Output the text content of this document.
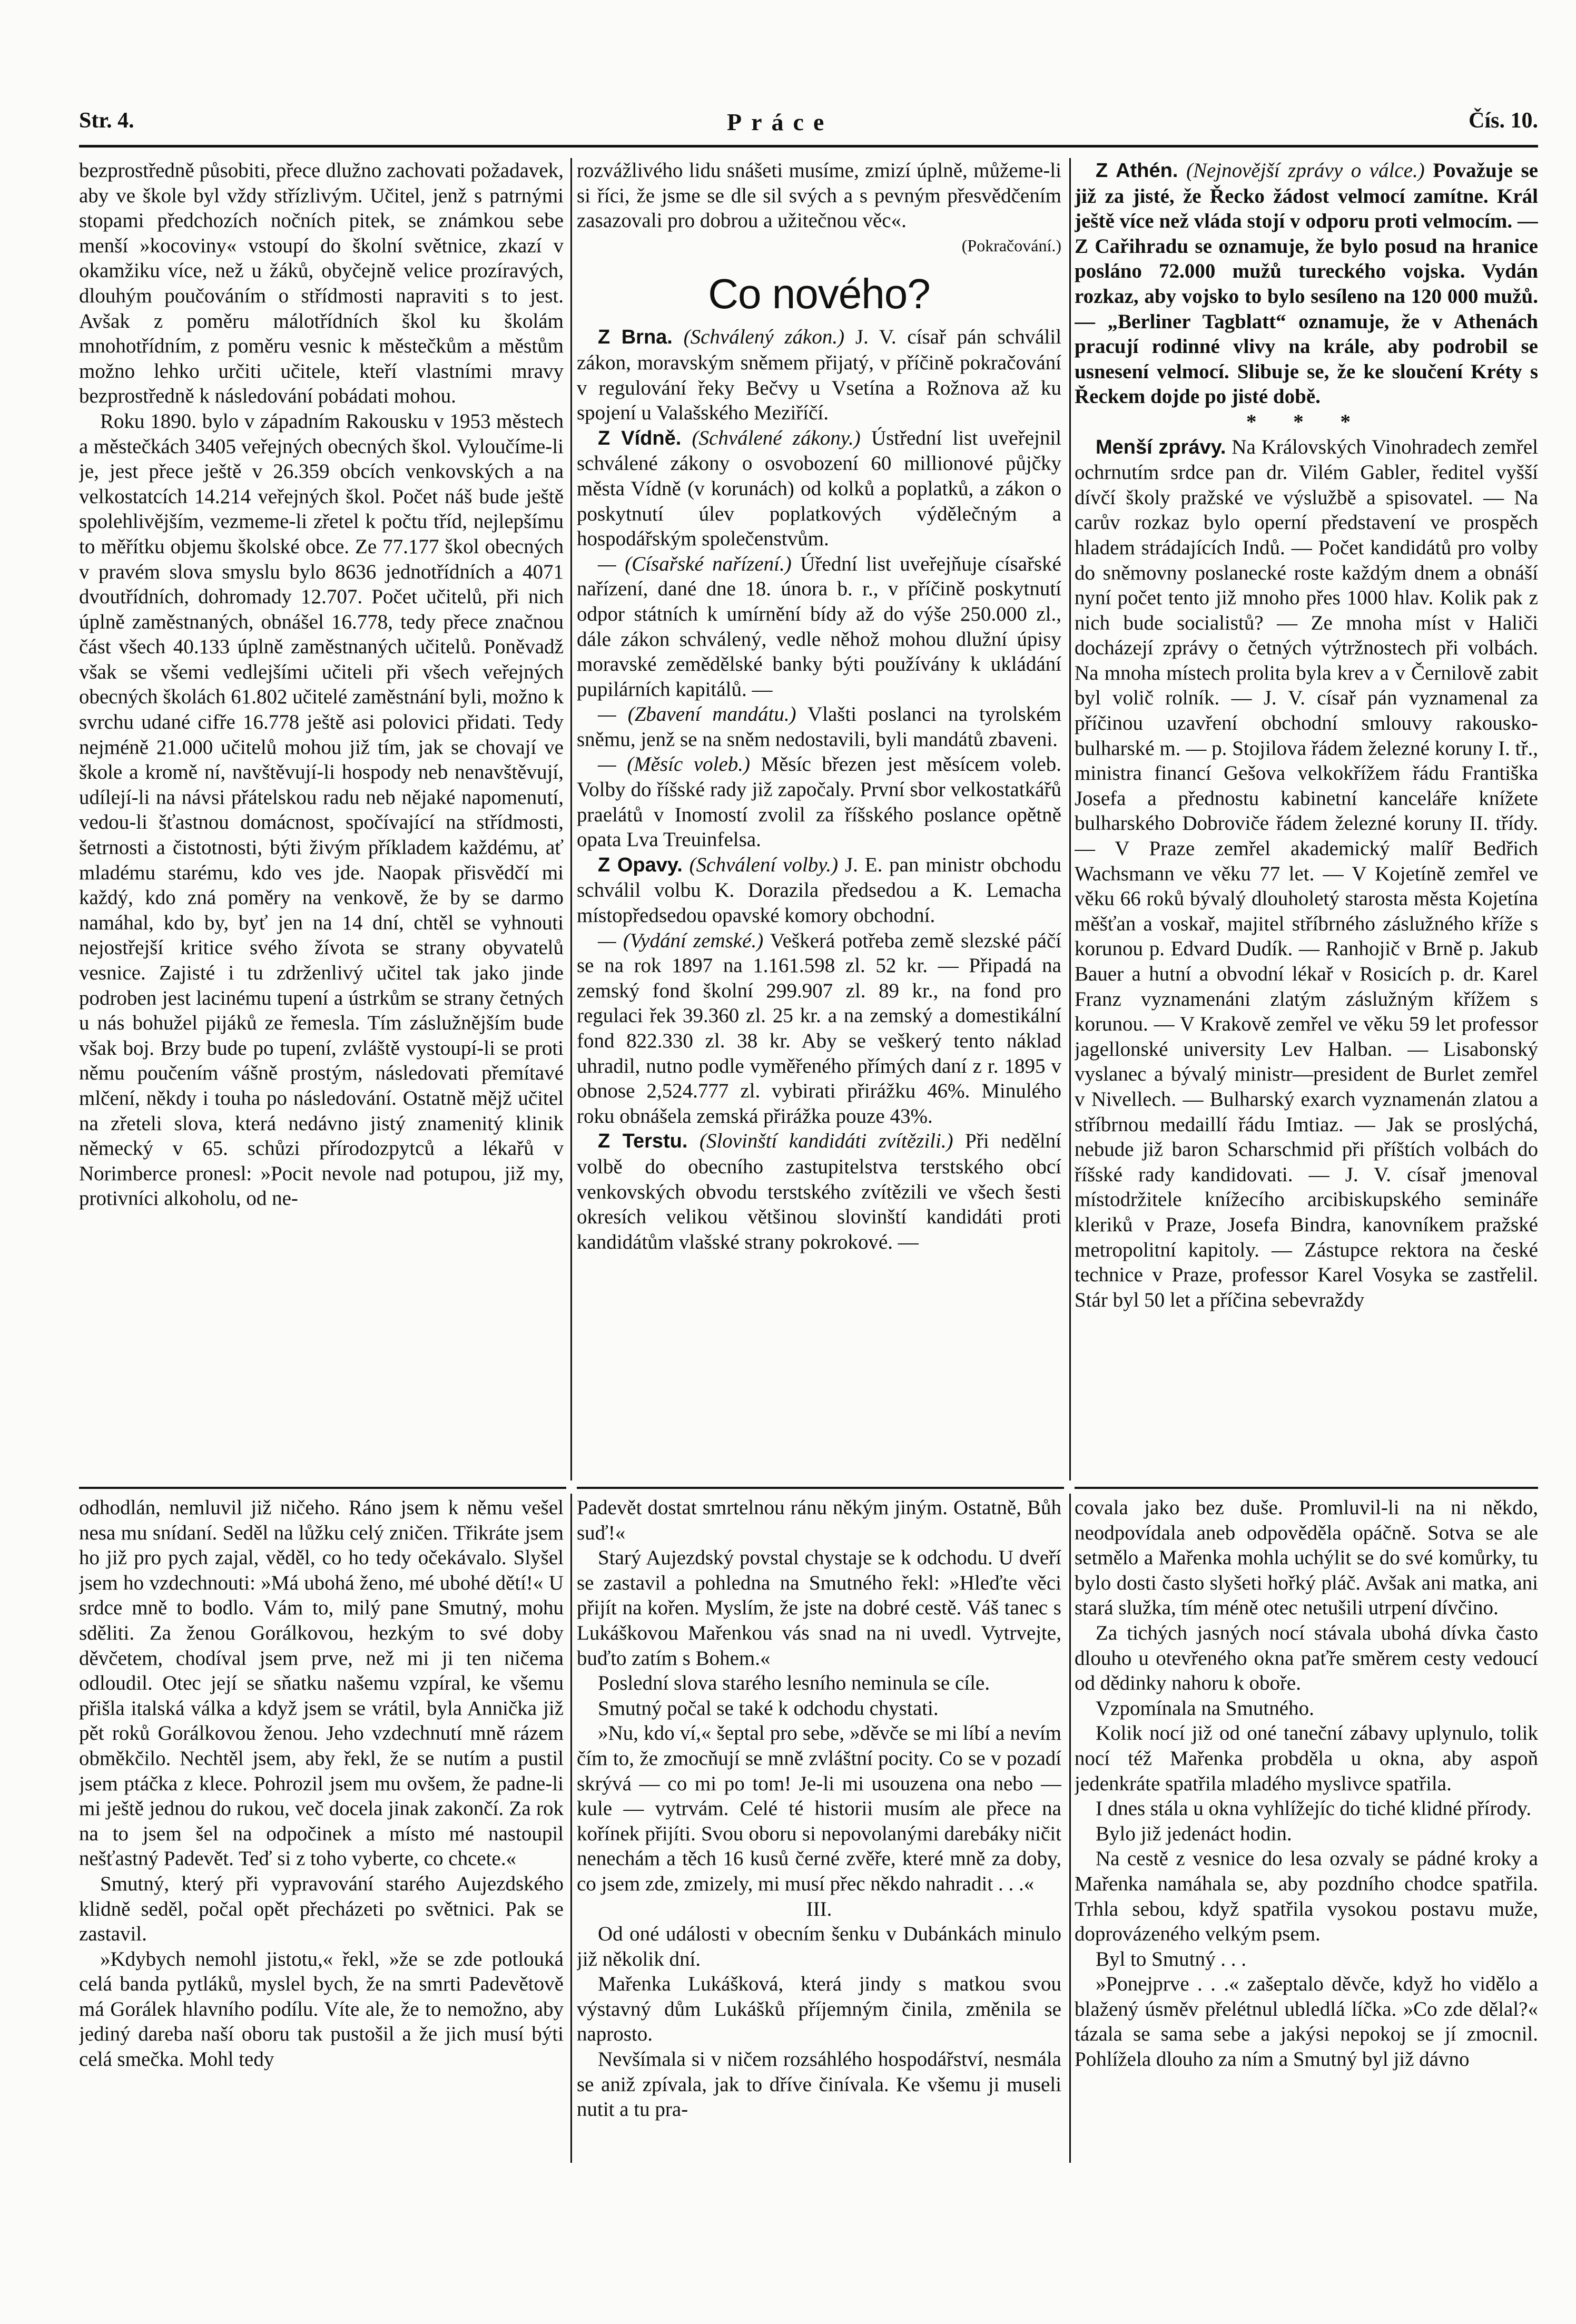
Str. 4.	Práce	Čís. 10.

bezprostředně působiti, přece dlužno zachovati požadavek, aby ve škole byl vždy střízlivým. Učitel, jenž s patrnými stopami předchozích nočních pitek, se známkou sebe menší »kocoviny« vstoupí do školní světnice, zkazí v okamžiku více, než u žáků, obyčejně velice prozíravých, dlouhým poučováním o střídmosti napraviti s to jest. Avšak z poměru málotřídních škol ku školám mnohotřídním, z poměru vesnic k městečkům a městům možno lehko určiti učitele, kteří vlastními mravy bezprostředně k následování pobádati mohou.

Roku 1890. bylo v západním Rakousku v 1953 městech a městečkách 3405 veřejných obecných škol. Vyloučíme-li je, jest přece ještě v 26.359 obcích venkovských a na velkostatcích 14.214 veřejných škol. Počet náš bude ještě spolehlivějším, vezmeme-li zřetel k počtu tříd, nejlepšímu to měřítku objemu školské obce. Ze 77.177 škol obecných v pravém slova smyslu bylo 8636 jednotřídních a 4071 dvoutřídních, dohromady 12.707. Počet učitelů, při nich úplně zaměstnaných, obnášel 16.778, tedy přece značnou část všech 40.133 úplně zaměstnaných učitelů. Poněvadž však se všemi vedlejšími učiteli při všech veřejných obecných školách 61.802 učitelé zaměstnání byli, možno k svrchu udané cifře 16.778 ještě asi polovici přidati. Tedy nejméně 21.000 učitelů mohou již tím, jak se chovají ve škole a kromě ní, navštěvují-li hospody neb nenavštěvují, udílejí-li na návsi přátelskou radu neb nějaké napomenutí, vedou-li šťastnou domácnost, spočívající na střídmosti, šetrnosti a čistotnosti, býti živým příkladem každému, ať mladému starému, kdo ves jde. Naopak přisvědčí mi každý, kdo zná poměry na venkově, že by se darmo namáhal, kdo by, byť jen na 14 dní, chtěl se vyhnouti nejostřejší kritice svého žívota se strany obyvatelů vesnice. Zajisté i tu zdrženlivý učitel tak jako jinde podroben jest lacinému tupení a ústrkům se strany četných u nás bohužel pijáků ze řemesla. Tím záslužnějším bude však boj. Brzy bude po tupení, zvláště vystoupí-li se proti němu poučením vášně prostým, následovati přemítavé mlčení, někdy i touha po následování. Ostatně mějž učitel na zřeteli slova, která nedávno jistý znamenitý klinik německý v 65. schůzi přírodozpytců a lékařů v Norimberce pronesl: »Pocit nevole nad potupou, již my, protivníci alkoholu, od ne-

rozvážlivého lidu snášeti musíme, zmizí úplně, můžeme-li si říci, že jsme se dle sil svých a s pevným přesvědčením zasazovali pro dobrou a užitečnou věc«.

(Pokračování.)

Co nového?

Z Brna. (Schválený zákon.) J. V. císař pán schválil zákon, moravským sněmem přijatý, v příčině pokračování v regulování řeky Bečvy u Vsetína a Rožnova až ku spojení u Valašského Meziříčí.

Z Vídně. (Schválené zákony.) Ústřední list uveřejnil schválené zákony o osvobození 60 millionové půjčky města Vídně (v korunách) od kolků a poplatků, a zákon o poskytnutí úlev poplatkových výdělečným a hospodářským společenstvům.

— (Císařské nařízení.) Úřední list uveřejňuje císařské nařízení, dané dne 18. února b. r., v příčině poskytnutí odpor státních k umírnění bídy až do výše 250.000 zl., dále zákon schválený, vedle něhož mohou dlužní úpisy moravské zemědělské banky býti používány k ukládání pupilárních kapitálů. —

— (Zbavení mandátu.) Vlašti poslanci na tyrolském sněmu, jenž se na sněm nedostavili, byli mandátů zbaveni.

— (Měsíc voleb.) Měsíc březen jest měsícem voleb. Volby do říšské rady již započaly. První sbor velkostatkářů praelátů v Inomostí zvolil za říšského poslance opětně opata Lva Treuinfelsa.

Z Opavy. (Schválení volby.) J. E. pan ministr obchodu schválil volbu K. Dorazila předsedou a K. Lemacha místopředsedou opavské komory obchodní.

— (Vydání zemské.) Veškerá potřeba země slezské páčí se na rok 1897 na 1.161.598 zl. 52 kr. — Připadá na zemský fond školní 299.907 zl. 89 kr., na fond pro regulaci řek 39.360 zl. 25 kr. a na zemský a domestikální fond 822.330 zl. 38 kr. Aby se veškerý tento náklad uhradil, nutno podle vyměřeného přímých daní z r. 1895 v obnose 2,524.777 zl. vybirati přirážku 46%. Minulého roku obnášela zemská přirážka pouze 43%.

Z Terstu. (Slovinští kandidáti zvítězili.) Při nedělní volbě do obecního zastupitelstva terstského obcí venkovských obvodu terstského zvítězili ve všech šesti okresích velikou většinou slovinští kandidáti proti kandidátům vlašské strany pokrokové. —

Z Athén. (Nejnovější zprávy o válce.) Považuje se již za jisté, že Řecko žádost velmocí zamítne. Král ještě více než vláda stojí v odporu proti velmocím. — Z Cařihradu se oznamuje, že bylo posud na hranice posláno 72.000 mužů tureckého vojska. Vydán rozkaz, aby vojsko to bylo sesíleno na 120 000 mužů. — „Berliner Tagblatt“ oznamuje, že v Athenách pracují rodinné vlivy na krále, aby podrobil se usnesení velmocí. Slibuje se, že ke sloučení Kréty s Řeckem dojde po jisté době.

* * *

Menší zprávy. Na Královských Vinohradech zemřel ochrnutím srdce pan dr. Vilém Gabler, ředitel vyšší dívčí školy pražské ve výslužbě a spisovatel. — Na carův rozkaz bylo operní představení ve prospěch hladem strádajících Indů. — Počet kandidátů pro volby do sněmovny poslanecké roste každým dnem a obnáší nyní počet tento již mnoho přes 1000 hlav. Kolik pak z nich bude socialistů? — Ze mnoha míst v Haliči docházejí zprávy o četných výtržnostech při volbách. Na mnoha místech prolita byla krev a v Černilově zabit byl volič rolník. — J. V. císař pán vyznamenal za příčinou uzavření obchodní smlouvy rakousko-bulharské m. — p. Stojilova řádem železné koruny I. tř., ministra financí Gešova velkokřížem řádu Františka Josefa a přednostu kabinetní kanceláře knížete bulharského Dobroviče řádem železné koruny II. třídy. — V Praze zemřel akademický malíř Bedřich Wachsmann ve věku 77 let. — V Kojetíně zemřel ve věku 66 roků bývalý dlouholetý starosta města Kojetína měšťan a voskař, majitel stříbrného záslužného kříže s korunou p. Edvard Dudík. — Ranhojič v Brně p. Jakub Bauer a hutní a obvodní lékař v Rosicích p. dr. Karel Franz vyznamenáni zlatým záslužným křížem s korunou. — V Krakově zemřel ve věku 59 let professor jagellonské university Lev Halban. — Lisabonský vyslanec a bývalý ministr—president de Burlet zemřel v Nivellech. — Bulharský exarch vyznamenán zlatou a stříbrnou medaillí řádu Imtiaz. — Jak se proslýchá, nebude již baron Scharschmid při příštích volbách do říšské rady kandidovati. — J. V. císař jmenoval místodržitele knížecího arcibiskupského semináře kleriků v Praze, Josefa Bindra, kanovníkem pražské metropolitní kapitoly. — Zástupce rektora na české technice v Praze, professor Karel Vosyka se zastřelil. Stár byl 50 let a příčina sebevraždy

odhodlán, nemluvil již ničeho. Ráno jsem k němu vešel nesa mu snídaní. Seděl na lůžku celý zničen. Třikráte jsem ho již pro pych zajal, věděl, co ho tedy očekávalo. Slyšel jsem ho vzdechnouti: »Má ubohá ženo, mé ubohé dětí!« U srdce mně to bodlo. Vám to, milý pane Smutný, mohu sděliti. Za ženou Gorálkovou, hezkým to své doby děvčetem, chodíval jsem prve, než mi ji ten ničema odloudil. Otec její se sňatku našemu vzpíral, ke všemu přišla italská válka a když jsem se vrátil, byla Annička již pět roků Gorálkovou ženou. Jeho vzdechnutí mně rázem obměkčilo. Nechtěl jsem, aby řekl, že se nutím a pustil jsem ptáčka z klece. Pohrozil jsem mu ovšem, že padne-li mi ještě jednou do rukou, več docela jinak zakončí. Za rok na to jsem šel na odpočinek a místo mé nastoupil nešťastný Padevět. Teď si z toho vyberte, co chcete.«

Smutný, který při vypravování starého Aujezdského klidně seděl, počal opět přecházeti po světnici. Pak se zastavil.

»Kdybych nemohl jistotu,« řekl, »že se zde potlouká celá banda pytláků, myslel bych, že na smrti Padevětově má Gorálek hlavního podílu. Víte ale, že to nemožno, aby jediný dareba naší oboru tak pustošil a že jich musí býti celá smečka. Mohl tedy

Padevět dostat smrtelnou ránu někým jiným. Ostatně, Bůh suď!«

Starý Aujezdský povstal chystaje se k odchodu. U dveří se zastavil a pohledna na Smutného řekl: »Hleďte věci přijít na kořen. Myslím, že jste na dobré cestě. Váš tanec s Lukáškovou Mařenkou vás snad na ni uvedl. Vytrvejte, buďto zatím s Bohem.«

Poslední slova starého lesního neminula se cíle.

Smutný počal se také k odchodu chystati.

»Nu, kdo ví,« šeptal pro sebe, »děvče se mi líbí a nevím čím to, že zmocňují se mně zvláštní pocity. Co se v pozadí skrývá — co mi po tom! Je-li mi usouzena ona nebo — kule — vytrvám. Celé té historii musím ale přece na kořínek přijíti. Svou oboru si nepovolanými darebáky ničit nenechám a těch 16 kusů černé zvěře, které mně za doby, co jsem zde, zmizely, mi musí přec někdo nahradit . . .«

III.

Od oné události v obecním šenku v Dubánkách minulo již několik dní.

Mařenka Lukášková, která jindy s matkou svou výstavný dům Lukášků příjemným činila, změnila se naprosto.

Nevšímala si v ničem rozsáhlého hospodářství, nesmála se aniž zpívala, jak to dříve činívala. Ke všemu ji museli nutit a tu pra-

covala jako bez duše. Promluvil-li na ni někdo, neodpovídala aneb odpověděla opáčně. Sotva se ale setmělo a Mařenka mohla uchýlit se do své komůrky, tu bylo dosti často slyšeti hořký pláč. Avšak ani matka, ani stará služka, tím méně otec netušili utrpení dívčino.

Za tichých jasných nocí stávala ubohá dívka často dlouho u otevřeného okna paťře směrem cesty vedoucí od dědinky nahoru k oboře.

Vzpomínala na Smutného.

Kolik nocí již od oné taneční zábavy uplynulo, tolik nocí též Mařenka probděla u okna, aby aspoň jedenkráte spatřila mladého myslivce spatřila.

I dnes stála u okna vyhlížejíc do tiché klidné přírody.

Bylo již jedenáct hodin.

Na cestě z vesnice do lesa ozvaly se pádné kroky a Mařenka namáhala se, aby pozdního chodce spatřila. Trhla sebou, když spatřila vysokou postavu muže, doprovázeného velkým psem.

Byl to Smutný . . .

»Ponejprve . . .« zašeptalo děvče, když ho vidělo a blažený úsměv přelétnul ubledlá líčka. »Co zde dělal?« tázala se sama sebe a jakýsi nepokoj se jí zmocnil. Pohlížela dlouho za ním a Smutný byl již dávno
